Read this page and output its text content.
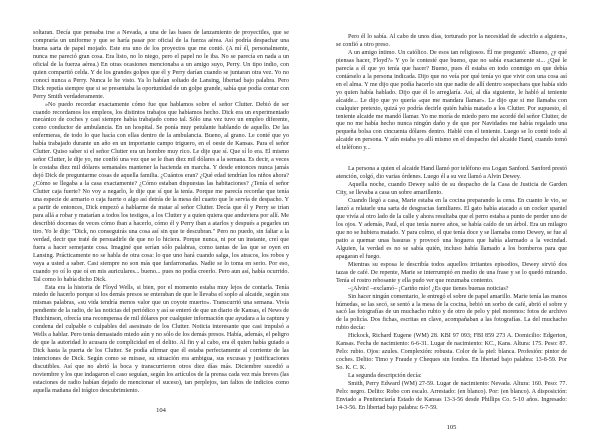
soltaran. Decía que pensaba irse a Nevada, a una de las bases de lanzamiento de proyectiles, que se compraría un uniforme y que se haría pasar por oficial de la fuerza aérea. Así podría despachar una buena sarta de papel mojado. Este era uno de los proyectos que me contó. (A mí él, personalmente, nunca me pareció gran cosa. Era listo, no lo niego, pero el papel no le iba. No se parecía en nada a un oficial de la fuerza aérea.) En otras ocasiones mencionaba a un amigo suyo, Perry. Un tipo indio, con quien compartió celda. Y de los grandes golpes que él y Perry darían cuando se juntaran otra vez. Yo no conocí nunca a Perry. Nunca le he visto. Ya lo habían soltado de Lansing, libertad bajo palabra. Pero Dick repetía siempre que si se presentaba la oportunidad de un golpe grande, sabía que podía contar con Perry Smith verdaderamente.

»No puedo recordar exactamente cómo fue que hablamos sobre el señor Clutter. Debió de ser cuando recordamos los empleos, los distintos trabajos que habíamos hecho. Dick era un experimentado mecánico de coches y casi siempre había trabajado como tal. Sólo una vez tuvo un empleo diferente, como conductor de ambulancia. En un hospital. Se ponía muy petulante hablando de aquello. De las enfermeras, de todo lo que hacía con ellas dentro de la ambulancia. Bueno, al grano. Le conté que yo había trabajado durante un año en un importante campo triguero, en el oeste de Kansas. Para el señor Clutter. Quiso saber si el señor Clutter era un hombre muy rico. Le dije que sí. Que sí lo era. El mismo señor Clutter, le dije yo, me confió una vez que se le iban diez mil dólares a la semana. Es decir, a veces le costaba diez mil dólares semanales mantener la hacienda en marcha. Y desde entonces nunca jamás dejó Dick de preguntarme cosas de aquella familia. ¿Cuántos eran? ¿Qué edad tendrían los niños ahora? ¿Cómo se llegaba a la casa exactamente? ¿Cómo estaban dispuestas las habitaciones? ¿Tenía el señor Clutter caja fuerte? No voy a negarlo, le dije que sí que la tenía. Porque me parecía recordar que tenía una especie de armario o caja fuerte o algo así detrás de la mesa del cuarto que le servía de despacho. Y a partir de entonces, Dick empezó a hablarme de matar al señor Clutter. Decía que él y Perry se irían para allá a robar y matarían a todos los testigos, a los Clutter y a quien quiera que anduviera por allí. Me describió docenas de veces cómo iban a hacerlo, cómo él y Perry iban a atarlos y después a pegarles un tiro. Yo le dije: "Dick, no conseguirás una cosa así sin que te descubran." Pero no puedo, sin faltar a la verdad, decir que traté de persuadirle de que no lo hiciera. Porque nunca, ni por un instante, creí que fuera a hacer semejante cosa. Imaginé que serían sólo palabras, como tantas de las que se oyen en Lansing. Prácticamente no se habla de otra cosa: lo que uno hará cuando salga, los atracos, los robos y vaya a usted a saber. Casi siempre no son más que fanfarronadas. Nadie se lo toma en serio. Por eso, cuando yo oí lo que oí en mis auriculares... bueno... pues no podía creerlo. Pero aun así, había ocurrido. Tal como lo había dicho Dick.

Esta era la historia de Floyd Wells, si bien, por el momento estaba muy lejos de contarla. Tenía miedo de hacerlo porque si los demás presos se enteraban de que le llevaba el soplo al alcaide, según sus mismas palabras, «su vida tendría menos valor que un coyote muerto». Transcurrió una semana. Vivía pendiente de la radio, de las noticias del periódico y así se enteró de que un diario de Kansas, el News de Hutchinson, ofrecía una recompensa de mil dólares por cualquier información que ayudara a la captura y condena del culpable o culpables del asesinato de los Clutter. Noticia interesante que casi impulsó a Wells a hablar. Pero tenía demasiado miedo aún y no sólo de los demás presos. Había, además, el peligro de que la autoridad lo acusara de complicidad en el delito. Al fin y al cabo, era él quien había guiado a Dick hasta la puerta de los Clutter. Se podía afirmar que él estaba perfectamente al corriente de las intenciones de Dick. Según como se mirase, su situación era ambigua, sus excusas y justificaciones discutibles. Así que no abrió la boca y transcurrieron otros diez días más. Diciembre sucedió a noviembre y los que indagaron el caso seguían, según los artículos de la prensa cada vez más breves (las estaciones de radio habían dejado de mencionar el suceso), tan perplejos, tan faltos de indicios como aquella mañana del trágico descubrimiento.

104

Pero él lo sabía. Al cabo de unos días, torturado por la necesidad de «decirlo a alguien», se confió a otro preso.

A un amigo íntimo. Un católico. De esos tan religiosos. Él me preguntó: «Bueno, ¿y qué piensas hacer, Floyd?» Y yo le contesté que bueno, que no sabía exactamente si... ¿Qué le parecía a él que yo tenía que hacer? Bueno, pues él estaba en todo conmigo en que debía contárselo a la persona indicada. Dijo que no veía por qué tenía yo que vivir con una cosa así en el alma. Y me dijo que podía hacerlo sin que nadie de allí dentro sospechara que había sido yo quien había hablado. Dijo que él lo arreglaría. Así, al día siguiente, le habló al teniente alcaide... Le dijo que yo quería «que me mandara llamar». Le dijo que si me llamaba con cualquier pretexto, quizá yo podría decirle quién había matado a los Clutter. Por supuesto, el teniente alcaide me mandó llamar. Yo me moría de miedo pero me acordé del señor Clutter, de que no me había hecho nunca ningún daño y de que por Navidades me había regalado una pequeña bolsa con cincuenta dólares dentro. Hablé con el teniente. Luego se lo conté todo al alcaide en persona. Y aún estaba yo allí mismo en el despacho del alcaide Hand, cuando tomó el teléfono y...

La persona a quien el alcaide Hand llamó por teléfono era Logan Sanford. Sanford prestó atención, colgó, dio varias órdenes. Luego él a su vez llamó a Alvin Dewey.

Aquella noche, cuando Dewey salió de su despacho de la Casa de Justicia de Garden City, se llevaba a casa un sobre amarillento.

Cuando llegó a casa, Marie estaba en la cocina preparando la cena. En cuanto le vio, se lanzó a relatarle una sarta de desgracias familiares. El gato había atacado a un cocker spaniel que vivía al otro lado de la calle y ahora resultaba que el perro estaba a punto de perder uno de los ojos. Y además, Paul, el que tenía nueve años, se había caído de un árbol. Era un milagro que no se hubiera matado. Y para colmo, el que tenía doce y se llamaba como Dewey, se fue al patio a quemar unas basuras y provocó una hoguera que había alarmado a la vecindad. Alguien, la verdad es no se sabía quién, incluso había llamado a los bomberos para que apagaran el fuego.

Mientras su esposa le describía todos aquellos irritantes episodios, Dewey sirvió dos tazas de café. De repente, Marie se interrumpió en medio de una frase y se lo quedó mirando. Tenía el rostro rebosante y ella pudo ver que rezumaba contento.

–¡Alvin! –exclamó– ¡Cariño mío! ¿Es que tienes buenas noticias?

Sin hacer ningún comentario, le entregó el sobre de papel amarillo. Marie tenía las manos húmedas, se las secó, se sentó a la mesa de la cocina, bebió un sorbo de café, abrió el sobre y sacó las fotografías de un muchacho rubio y de otro de pelo y piel morenos: fotos de archivo de la policía. Dos fichas, escritas en clave, acompañaban a las fotografías. La del muchacho rubio decía:

Hickock, Richard Eugene (WM) 28. KBI 97 093; FBI 859 273 A. Domicilio: Edgerton, Kansas. Fecha de nacimiento: 6-6-31. Lugar de nacimiento: KC., Kans. Altura: 175. Peso: 87. Pelo: rubio. Ojos: azules. Complexión: robusta. Color de la piel: blanca. Profesión: pintor de coches. Delito: Timo y Fraude y Cheques sin fondos. En libertad bajo palabra: 13-8-59. Por So. K. C. K.

La segunda descripción decía:

Smith, Perry Edward (WM) 27-59. Lugar de nacimiento: Nevada. Altura: 160. Peso: 77. Pelo: negro. Delito: Robo con escalo. Arrestado: (en blanco). Por: (en blanco). A disposición: Enviado a Penitenciaría Estado de Kansas 13-3-56 desde Phillips Co. 5-10 años. Ingresado: 14-3-56. En libertad bajo palabra: 6-7-59.

105
